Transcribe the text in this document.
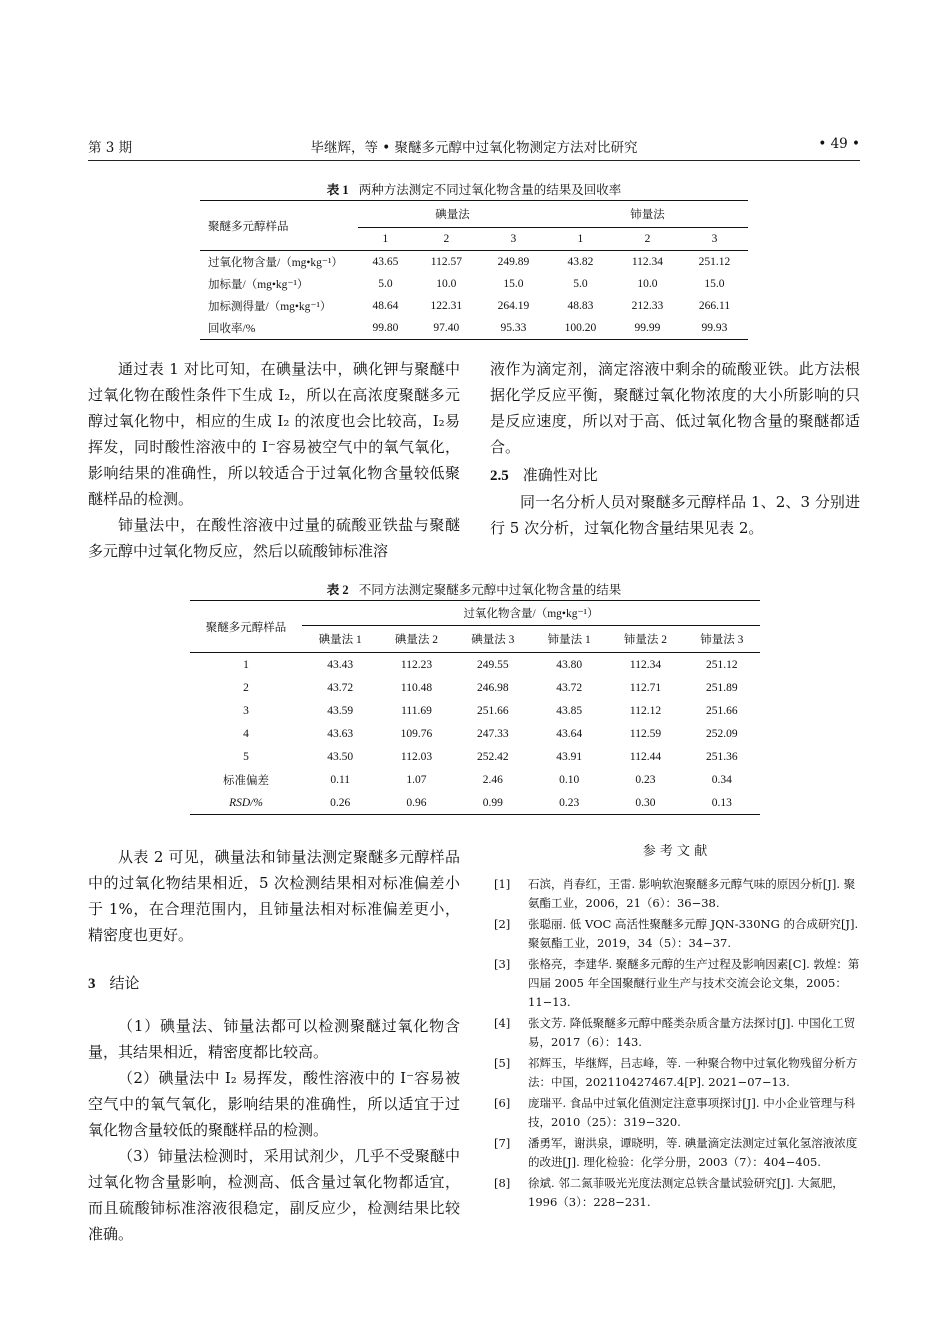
第 3 期	毕继辉，等 • 聚醚多元醇中过氧化物测定方法对比研究	• 49 •
表 1 两种方法测定不同过氧化物含量的结果及回收率
聚醚多元醇样品	碘量法			铈量法		
	1	2	3	1	2	3
过氧化物含量/（mg•kg⁻¹）	43.65	112.57	249.89	43.82	112.34	251.12
加标量/（mg•kg⁻¹）	5.0	10.0	15.0	5.0	10.0	15.0
加标测得量/（mg•kg⁻¹）	48.64	122.31	264.19	48.83	212.33	266.11
回收率/%	99.80	97.40	95.33	100.20	99.99	99.93

通过表 1 对比可知，在碘量法中，碘化钾与聚醚中过氧化物在酸性条件下生成 I₂，所以在高浓度聚醚多元醇过氧化物中，相应的生成 I₂ 的浓度也会比较高，I₂易挥发，同时酸性溶液中的 I⁻容易被空气中的氧气氧化，影响结果的准确性，所以较适合于过氧化物含量较低聚醚样品的检测。

铈量法中，在酸性溶液中过量的硫酸亚铁盐与聚醚多元醇中过氧化物反应，然后以硫酸铈标准溶

液作为滴定剂，滴定溶液中剩余的硫酸亚铁。此方法根据化学反应平衡，聚醚过氧化物浓度的大小所影响的只是反应速度，所以对于高、低过氧化物含量的聚醚都适合。

2.5 准确性对比

同一名分析人员对聚醚多元醇样品 1、2、3 分别进行 5 次分析，过氧化物含量结果见表 2。

表 2 不同方法测定聚醚多元醇中过氧化物含量的结果
聚醚多元醇样品	过氧化物含量/（mg•kg⁻¹）					
	碘量法 1	碘量法 2	碘量法 3	铈量法 1	铈量法 2	铈量法 3
1	43.43	112.23	249.55	43.80	112.34	251.12
2	43.72	110.48	246.98	43.72	112.71	251.89
3	43.59	111.69	251.66	43.85	112.12	251.66
4	43.63	109.76	247.33	43.64	112.59	252.09
5	43.50	112.03	252.42	43.91	112.44	251.36
标准偏差	0.11	1.07	2.46	0.10	0.23	0.34
RSD/%	0.26	0.96	0.99	0.23	0.30	0.13

从表 2 可见，碘量法和铈量法测定聚醚多元醇样品中的过氧化物结果相近，5 次检测结果相对标准偏差小于 1%，在合理范围内，且铈量法相对标准偏差更小，精密度也更好。

3 结论

（1）碘量法、铈量法都可以检测聚醚过氧化物含量，其结果相近，精密度都比较高。

（2）碘量法中 I₂ 易挥发，酸性溶液中的 I⁻容易被空气中的氧气氧化，影响结果的准确性，所以适宜于过氧化物含量较低的聚醚样品的检测。

（3）铈量法检测时，采用试剂少，几乎不受聚醚中过氧化物含量影响，检测高、低含量过氧化物都适宜，而且硫酸铈标准溶液很稳定，副反应少，检测结果比较准确。

参 考 文 献
[1] 石滨，肖春红，王雷. 影响软泡聚醚多元醇气味的原因分析[J]. 聚氨酯工业，2006，21（6）：36−38.
[2] 张聪丽. 低 VOC 高活性聚醚多元醇 JQN-330NG 的合成研究[J]. 聚氨酯工业，2019，34（5）：34−37.
[3] 张格亮，李建华. 聚醚多元醇的生产过程及影响因素[C]. 敦煌：第四届 2005 年全国聚醚行业生产与技术交流会论文集，2005：11−13.
[4] 张文芳. 降低聚醚多元醇中醛类杂质含量方法探讨[J]. 中国化工贸易，2017（6）：143.
[5] 祁辉玉，毕继辉，吕志峰，等. 一种聚合物中过氧化物残留分析方法：中国，202110427467.4[P]. 2021−07−13.
[6] 庞瑞平. 食品中过氧化值测定注意事项探讨[J]. 中小企业管理与科技，2010（25）：319−320.
[7] 潘勇军，谢洪泉，谭晓明，等. 碘量滴定法测定过氧化氢溶液浓度的改进[J]. 理化检验：化学分册，2003（7）：404−405.
[8] 徐斌. 邻二氮菲吸光光度法测定总铁含量试验研究[J]. 大氮肥，1996（3）：228−231.
